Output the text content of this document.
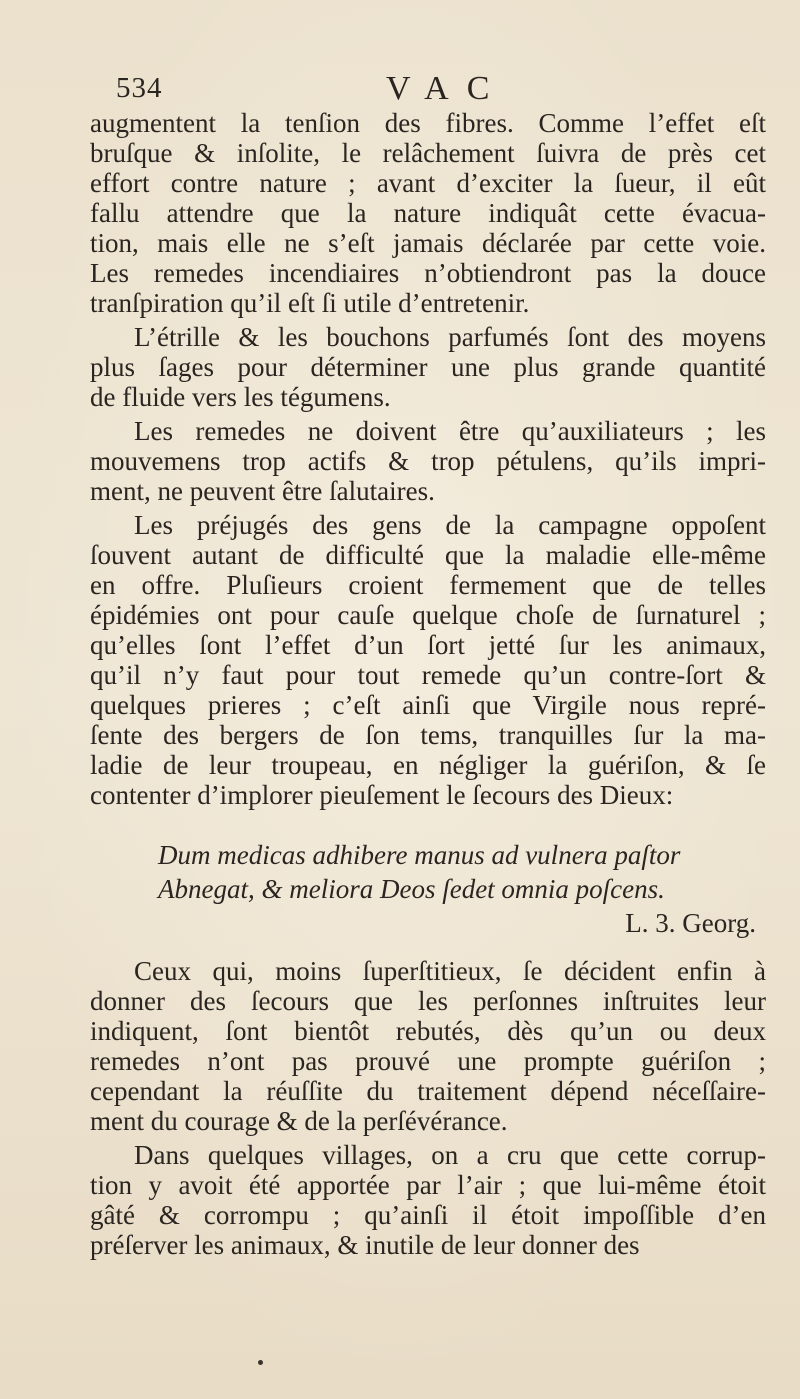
534	VAC
augmentent la tenſion des fibres. Comme l’effet eſt
bruſque & inſolite, le relâchement ſuivra de près cet
effort contre nature ; avant d’exciter la ſueur, il eût
fallu attendre que la nature indiquât cette évacua-
tion, mais elle ne s’eſt jamais déclarée par cette voie.
Les remedes incendiaires n’obtiendront pas la douce
tranſpiration qu’il eſt ſi utile d’entretenir.
L’étrille & les bouchons parfumés ſont des moyens
plus ſages pour déterminer une plus grande quantité
de fluide vers les tégumens.
Les remedes ne doivent être qu’auxiliateurs ; les
mouvemens trop actifs & trop pétulens, qu’ils impri-
ment, ne peuvent être ſalutaires.
Les préjugés des gens de la campagne oppoſent
ſouvent autant de difficulté que la maladie elle-même
en offre. Pluſieurs croient fermement que de telles
épidémies ont pour cauſe quelque choſe de ſurnaturel ;
qu’elles ſont l’effet d’un ſort jetté ſur les animaux,
qu’il n’y faut pour tout remede qu’un contre-ſort &
quelques prieres ; c’eſt ainſi que Virgile nous repré-
ſente des bergers de ſon tems, tranquilles ſur la ma-
ladie de leur troupeau, en négliger la guériſon, & ſe
contenter d’implorer pieuſement le ſecours des Dieux:
Dum medicas adhibere manus ad vulnera paſtor
Abnegat, & meliora Deos ſedet omnia poſcens.
L. 3. Georg.
Ceux qui, moins ſuperſtitieux, ſe décident enfin à
donner des ſecours que les perſonnes inſtruites leur
indiquent, ſont bientôt rebutés, dès qu’un ou deux
remedes n’ont pas prouvé une prompte guériſon ;
cependant la réuſſite du traitement dépend néceſſaire-
ment du courage & de la perſévérance.
Dans quelques villages, on a cru que cette corrup-
tion y avoit été apportée par l’air ; que lui-même étoit
gâté & corrompu ; qu’ainſi il étoit impoſſible d’en
préſerver les animaux, & inutile de leur donner des
